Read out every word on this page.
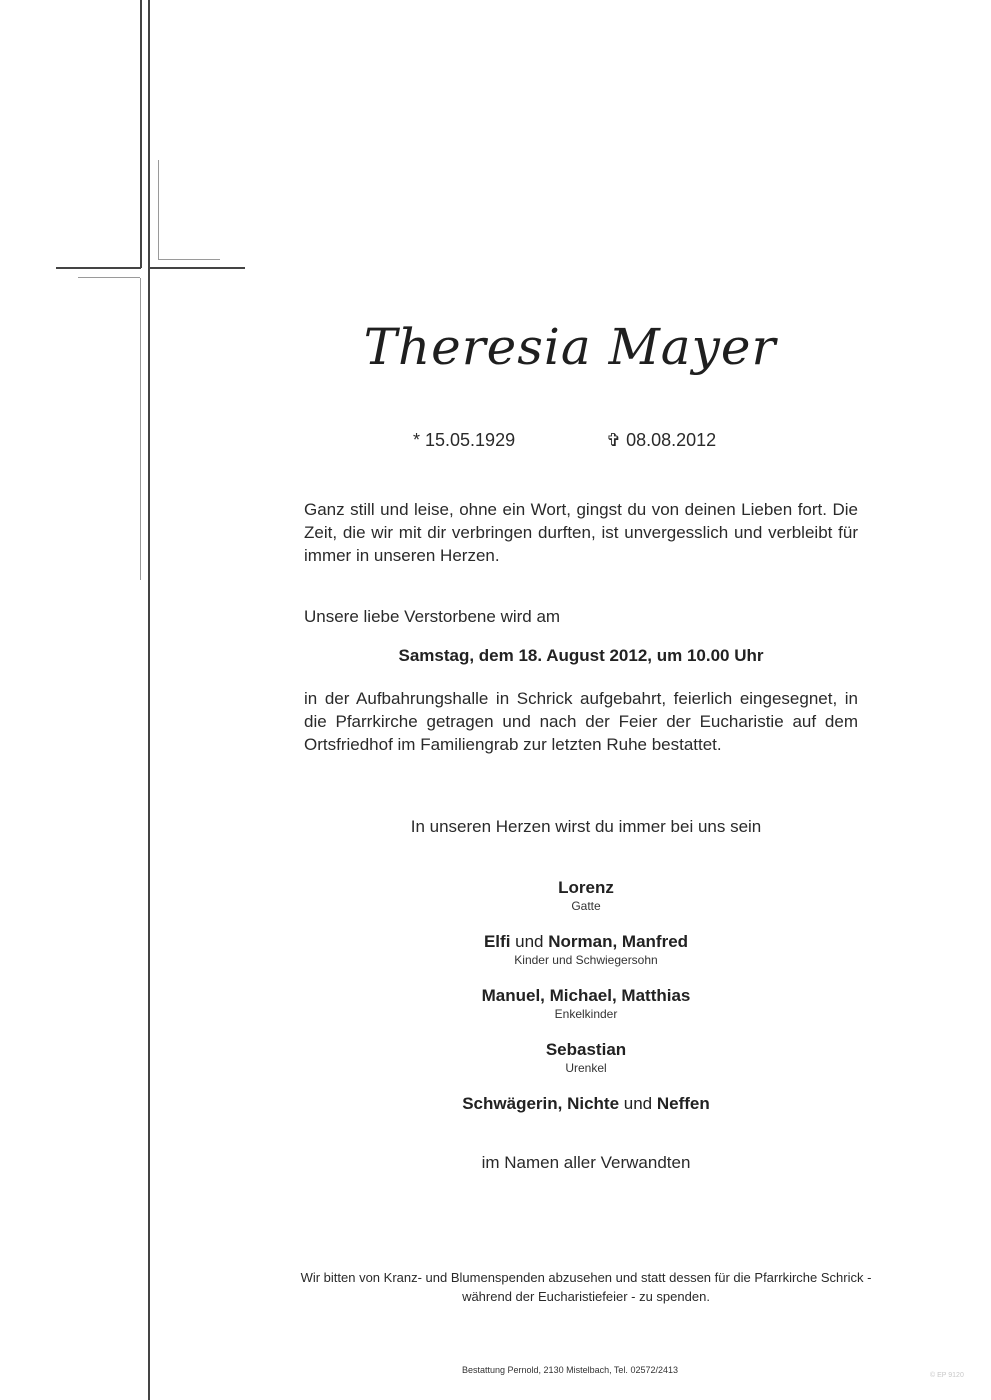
Theresia Mayer
* 15.05.1929	✞ 08.08.2012
Ganz still und leise, ohne ein Wort, gingst du von deinen Lieben fort. Die Zeit, die wir mit dir verbringen durften, ist unvergesslich und verbleibt für immer in unseren Herzen.
Unsere liebe Verstorbene wird am
Samstag, dem 18. August 2012, um 10.00 Uhr
in der Aufbahrungshalle in Schrick aufgebahrt, feierlich eingesegnet, in die Pfarrkirche getragen und nach der Feier der Eucharistie auf dem Ortsfriedhof im Familiengrab zur letzten Ruhe bestattet.
In unseren Herzen wirst du immer bei uns sein
Lorenz
Gatte
Elfi und Norman, Manfred
Kinder und Schwiegersohn
Manuel, Michael, Matthias
Enkelkinder
Sebastian
Urenkel
Schwägerin, Nichte und Neffen
im Namen aller Verwandten
Wir bitten von Kranz- und Blumenspenden abzusehen und statt dessen für die Pfarrkirche Schrick - während der Eucharistiefeier - zu spenden.
Bestattung Pernold, 2130 Mistelbach, Tel. 02572/2413
© EP 9120
